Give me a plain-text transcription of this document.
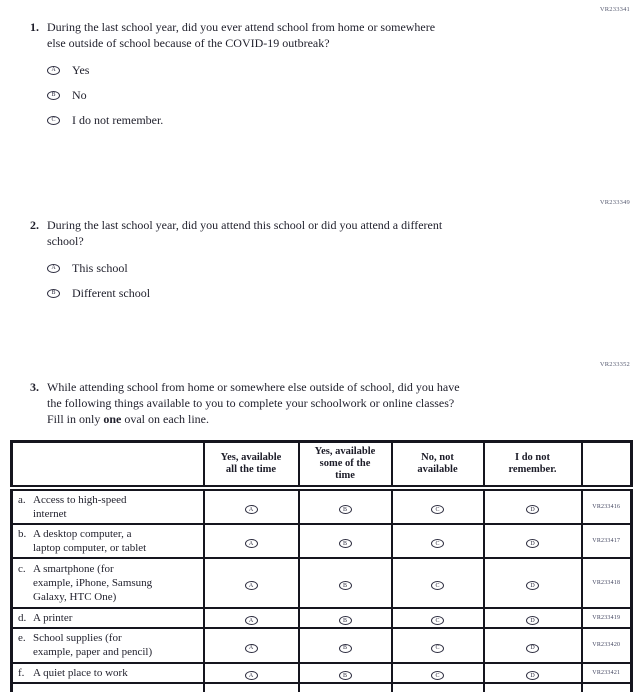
VR233341
1. During the last school year, did you ever attend school from home or somewhere
else outside of school because of the COVID-19 outbreak?
A Yes
B No
C I do not remember.
VR233349
2. During the last school year, did you attend this school or did you attend a different
school?
A This school
B Different school
VR233352
3. While attending school from home or somewhere else outside of school, did you have
the following things available to you to complete your schoolwork or online classes?
Fill in only one oval on each line.

	Yes, available
all the time	Yes, available
some of the
time	No, not
available	I do not
remember.	

a. Access to high-speed
internet	A	B	C	D	VR233416

b. A desktop computer, a
laptop computer, or tablet	A	B	C	D	VR233417

c. A smartphone (for
example, iPhone, Samsung
Galaxy, HTC One)	A	B	C	D	VR233418

d. A printer	A	B	C	D	VR233419

e. School supplies (for
example, paper and pencil)	A	B	C	D	VR233420

f. A quiet place to work	A	B	C	D	VR233421
